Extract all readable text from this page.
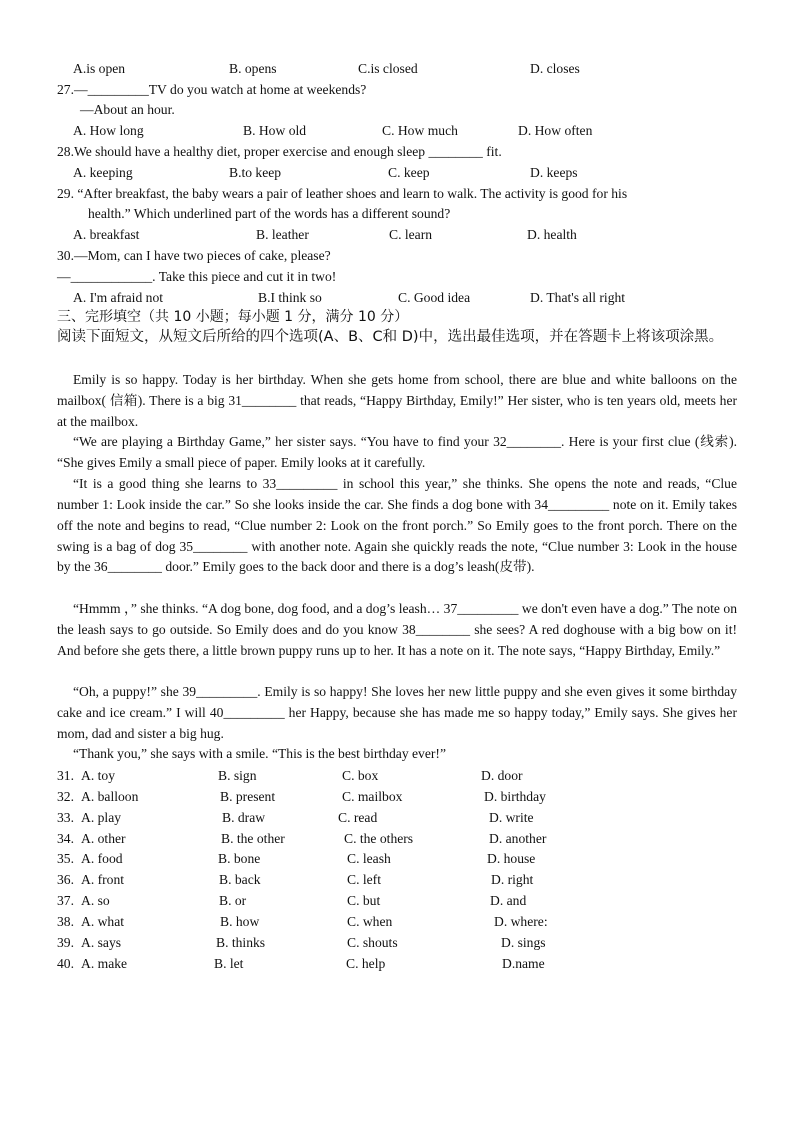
A.is open	B. opens	C.is closed	D. closes
27.—_________TV do you watch at home at weekends?
—About an hour.
A. How long	B. How old	C. How much	D. How often
28.We should have a healthy diet, proper exercise and enough sleep ________ fit.
A. keeping	B.to keep	C. keep	D. keeps
29. “After breakfast, the baby wears a pair of leather shoes and learn to walk. The activity is good for his
health.” Which underlined part of the words has a different sound?
A. breakfast	B. leather	C. learn	D. health
30.—Mom, can I have two pieces of cake, please?
—____________. Take this piece and cut it in two!
A. I'm afraid not	B.I think so	C. Good idea	D. That's all right
三、完形填空（共 10 小题；每小题 1 分，满分 10 分）
阅读下面短文，从短文后所给的四个选项(A、B、C和 D)中，选出最佳选项，并在答题卡上将该项涂黑。
Emily is so happy. Today is her birthday. When she gets home from school, there are blue and white balloons on the mailbox( 信箱). There is a big 31________ that reads, “Happy Birthday, Emily!” Her sister, who is ten years old, meets her at the mailbox.
“We are playing a Birthday Game,” her sister says. “You have to find your 32________. Here is your first clue (线索). “She gives Emily a small piece of paper. Emily looks at it carefully.
“It is a good thing she learns to 33_________ in school this year,” she thinks. She opens the note and reads, “Clue number 1: Look inside the car.” So she looks inside the car. She finds a dog bone with 34_________ note on it. Emily takes off the note and begins to read, “Clue number 2: Look on the front porch.” So Emily goes to the front porch. There on the swing is a bag of dog 35________ with another note. Again she quickly reads the note, “Clue number 3: Look in the house by the 36________ door.” Emily goes to the back door and there is a dog’s leash(皮带).
“Hmmm ，” she thinks. “A dog bone, dog food, and a dog’s leash… 37_________ we don't even have a dog.” The note on the leash says to go outside. So Emily does and do you know 38________ she sees? A red doghouse with a big bow on it! And before she gets there, a little brown puppy runs up to her. It has a note on it. The note says, “Happy Birthday, Emily.”
“Oh, a puppy!” she 39_________. Emily is so happy! She loves her new little puppy and she even gives it some birthday cake and ice cream.” I will 40_________ her Happy, because she has made me so happy today,” Emily says. She gives her mom, dad and sister a big hug.
“Thank you,” she says with a smile. “This is the best birthday ever!”
31. A. toy	B. sign	C. box	D. door
32. A. balloon	B. present	C. mailbox	D. birthday
33. A. play	B. draw	C. read	D. write
34. A. other	B. the other	C. the others	D. another
35. A. food	B. bone	C. leash	D. house
36. A. front	B. back	C. left	D. right
37. A. so	B. or	C. but	D. and
38. A. what	B. how	C. when	D. where:
39. A. says	B. thinks	C. shouts	D. sings
40. A. make	B. let	C. help	D.name
